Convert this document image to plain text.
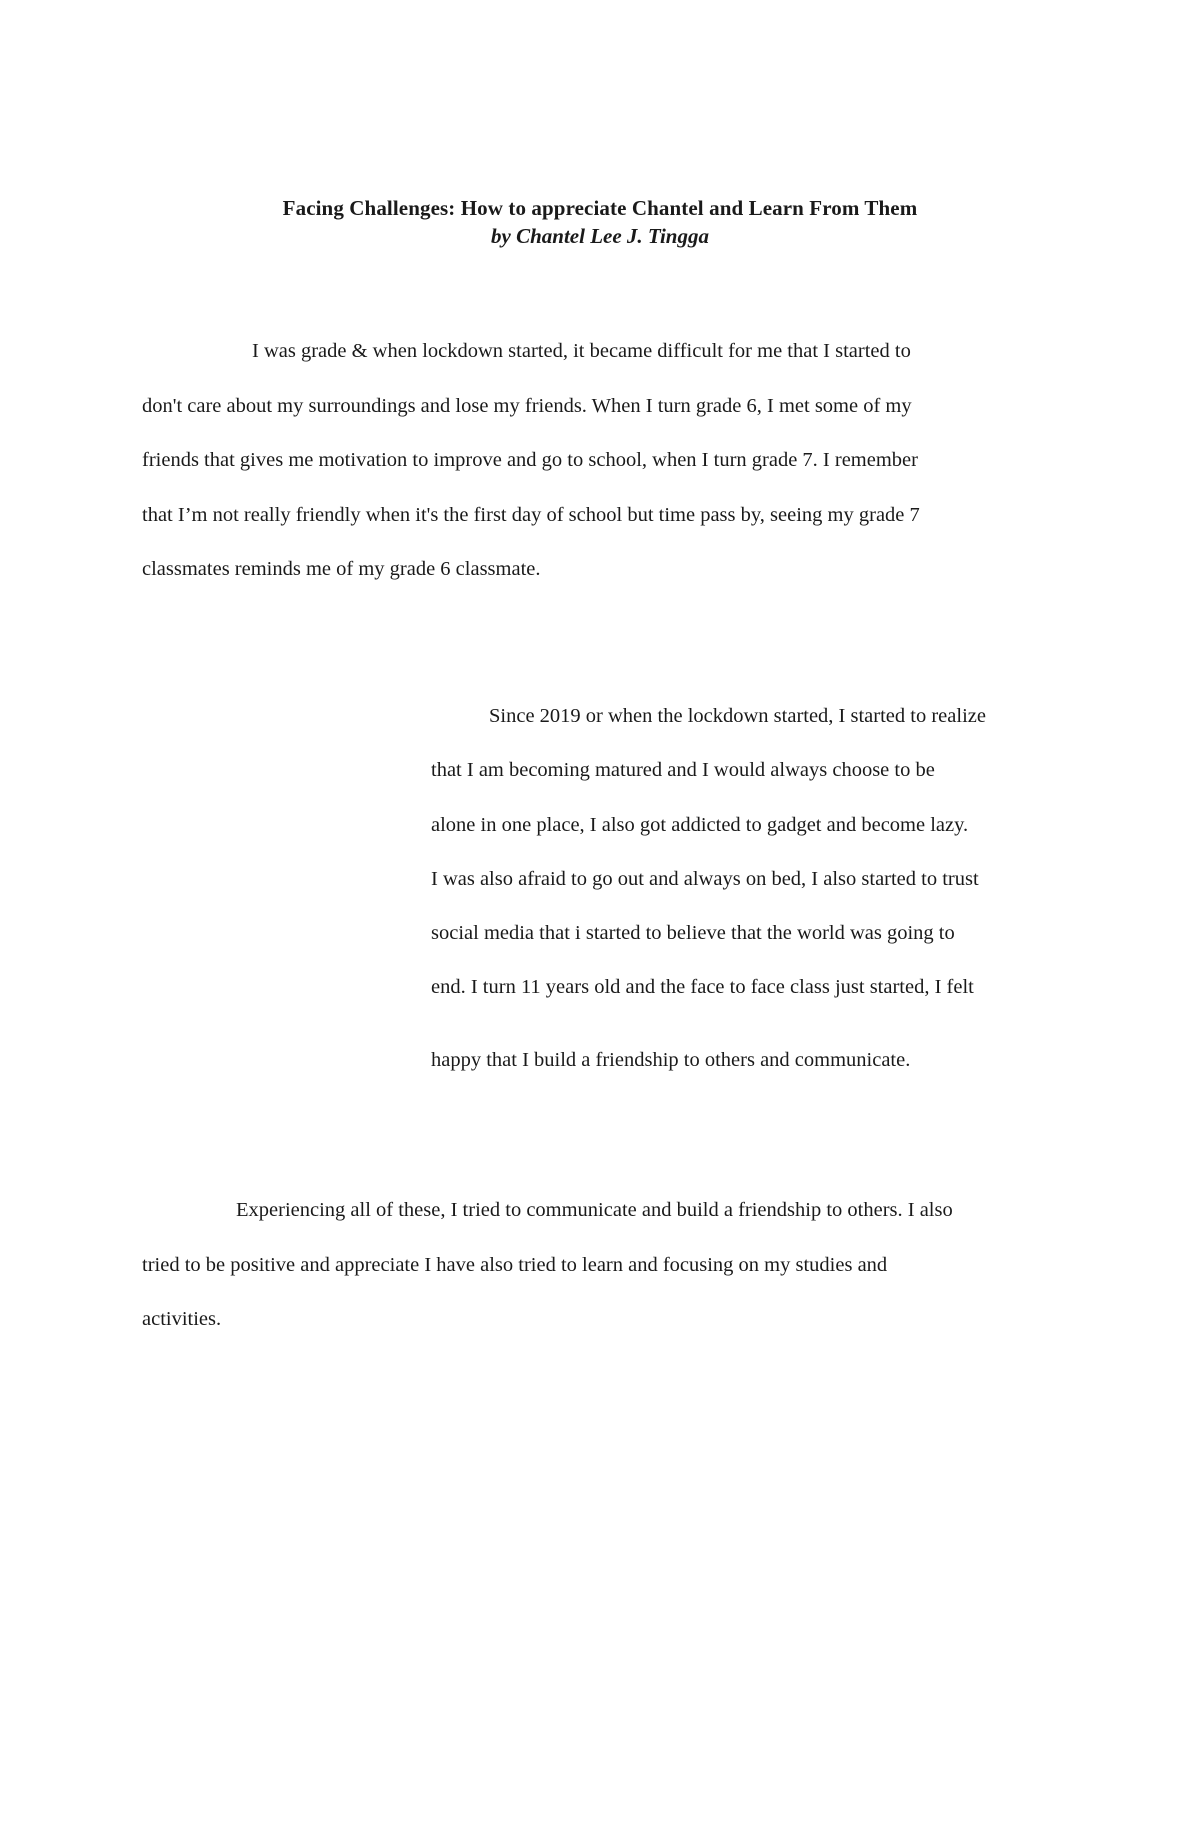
Facing Challenges: How to appreciate Chantel and Learn From Them
by Chantel Lee J. Tingga

I was grade & when lockdown started, it became difficult for me that I started to
don't care about my surroundings and lose my friends. When I turn grade 6, I met some of my
friends that gives me motivation to improve and go to school, when I turn grade 7. I remember
that I’m not really friendly when it's the first day of school but time pass by, seeing my grade 7
classmates reminds me of my grade 6 classmate.

Since 2019 or when the lockdown started, I started to realize
that I am becoming matured and I would always choose to be
alone in one place, I also got addicted to gadget and become lazy.
I was also afraid to go out and always on bed, I also started to trust
social media that i started to believe that the world was going to
end. I turn 11 years old and the face to face class just started, I felt
happy that I build a friendship to others and communicate.

Experiencing all of these, I tried to communicate and build a friendship to others. I also
tried to be positive and appreciate I have also tried to learn and focusing on my studies and
activities.
